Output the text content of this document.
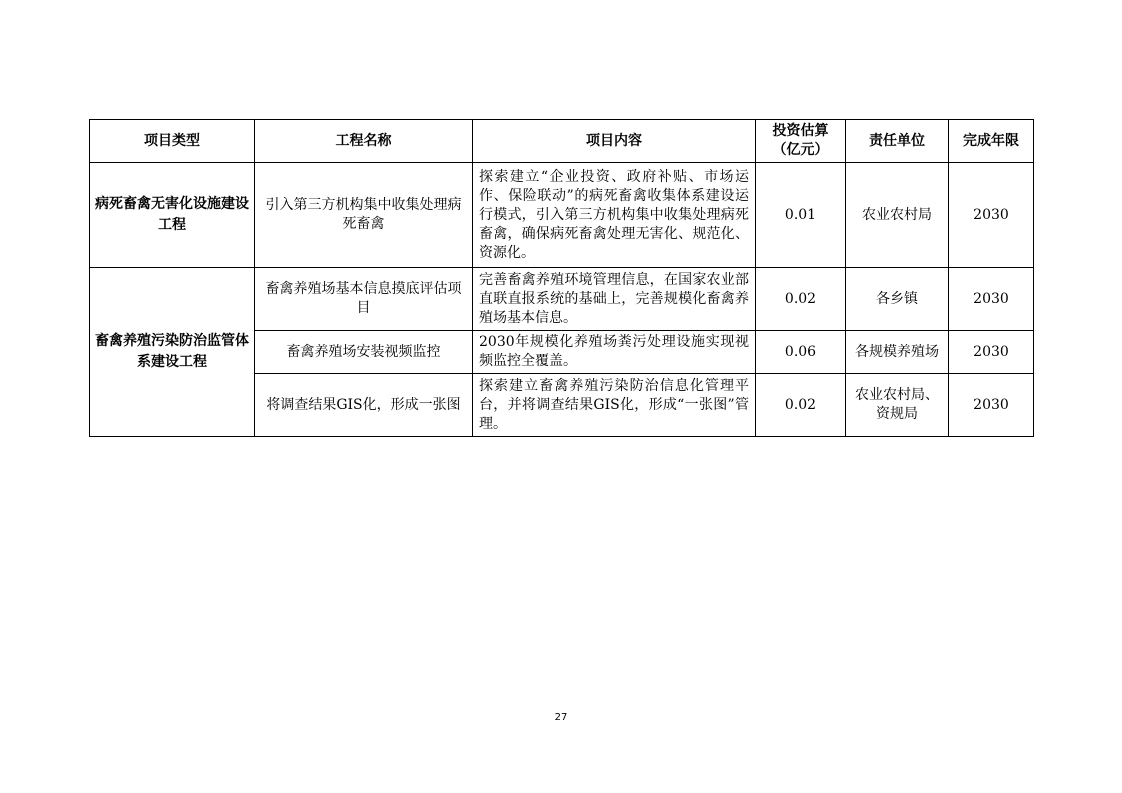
项目类型	工程名称	项目内容	投资估算（亿元）	责任单位	完成年限
病死畜禽无害化设施建设工程	引入第三方机构集中收集处理病死畜禽	探索建立“企业投资、政府补贴、市场运作、保险联动”的病死畜禽收集体系建设运行模式，引入第三方机构集中收集处理病死畜禽，确保病死畜禽处理无害化、规范化、资源化。	0.01	农业农村局	2030
畜禽养殖污染防治监管体系建设工程	畜禽养殖场基本信息摸底评估项目	完善畜禽养殖环境管理信息，在国家农业部直联直报系统的基础上，完善规模化畜禽养殖场基本信息。	0.02	各乡镇	2030
	畜禽养殖场安装视频监控	2030年规模化养殖场粪污处理设施实现视频监控全覆盖。	0.06	各规模养殖场	2030
	将调查结果GIS化，形成一张图	探索建立畜禽养殖污染防治信息化管理平台，并将调查结果GIS化，形成“一张图”管理。	0.02	农业农村局、资规局	2030
27
